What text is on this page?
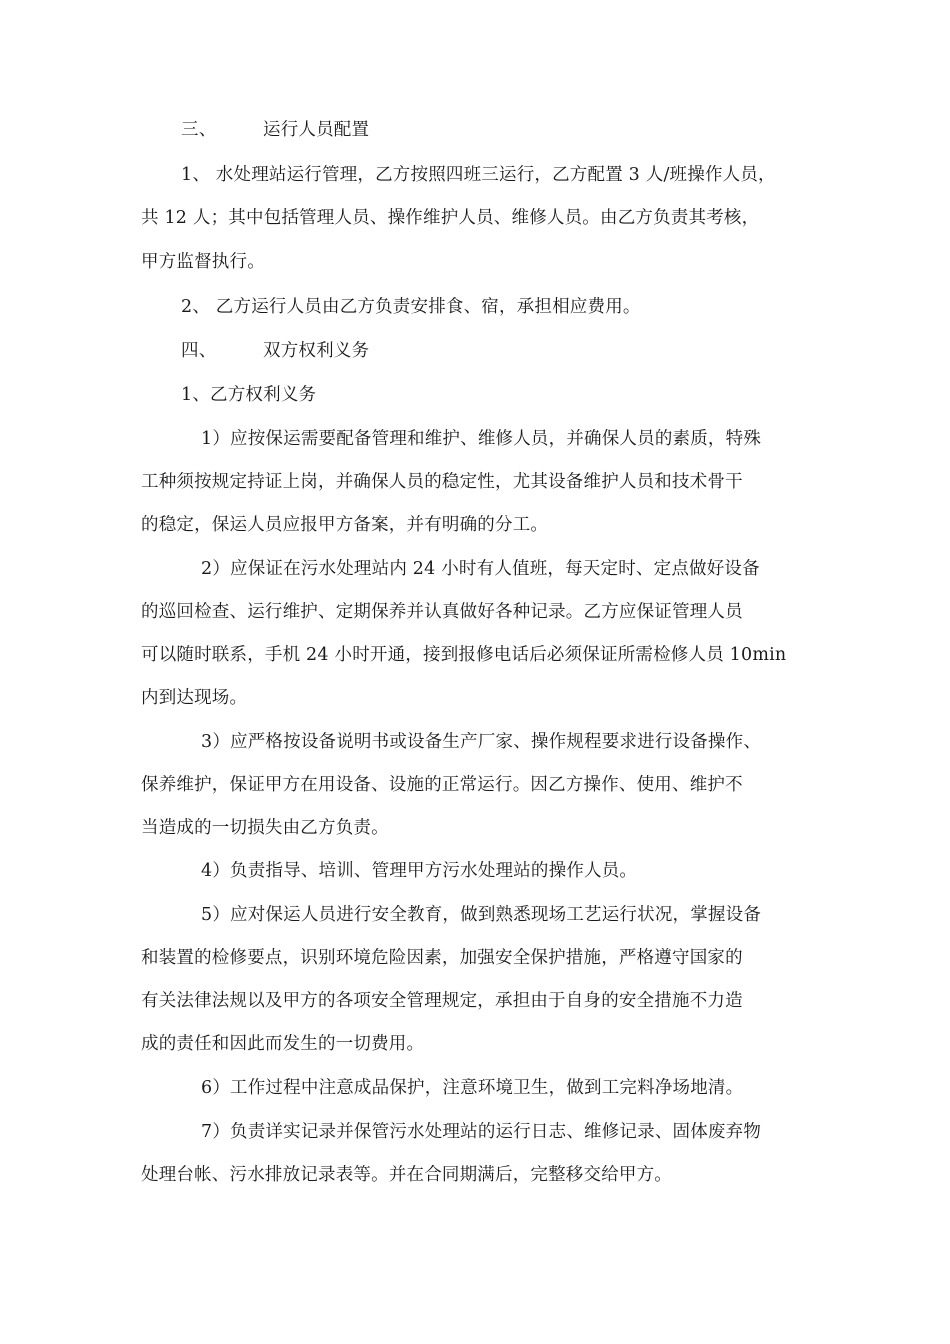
三、	运行人员配置
1、 水处理站运行管理，乙方按照四班三运行，乙方配置 3 人/班操作人员，
共 12 人；其中包括管理人员、操作维护人员、维修人员。由乙方负责其考核，
甲方监督执行。
2、 乙方运行人员由乙方负责安排食、宿，承担相应费用。
四、	双方权利义务
1、乙方权利义务
1）应按保运需要配备管理和维护、维修人员，并确保人员的素质，特殊
工种须按规定持证上岗，并确保人员的稳定性，尤其设备维护人员和技术骨干
的稳定，保运人员应报甲方备案，并有明确的分工。
2）应保证在污水处理站内 24 小时有人值班，每天定时、定点做好设备
的巡回检查、运行维护、定期保养并认真做好各种记录。乙方应保证管理人员
可以随时联系，手机 24 小时开通，接到报修电话后必须保证所需检修人员 10min
内到达现场。
3）应严格按设备说明书或设备生产厂家、操作规程要求进行设备操作、
保养维护，保证甲方在用设备、设施的正常运行。因乙方操作、使用、维护不
当造成的一切损失由乙方负责。
4）负责指导、培训、管理甲方污水处理站的操作人员。
5）应对保运人员进行安全教育，做到熟悉现场工艺运行状况，掌握设备
和装置的检修要点，识别环境危险因素，加强安全保护措施，严格遵守国家的
有关法律法规以及甲方的各项安全管理规定，承担由于自身的安全措施不力造
成的责任和因此而发生的一切费用。
6）工作过程中注意成品保护，注意环境卫生，做到工完料净场地清。
7）负责详实记录并保管污水处理站的运行日志、维修记录、固体废弃物
处理台帐、污水排放记录表等。并在合同期满后，完整移交给甲方。
